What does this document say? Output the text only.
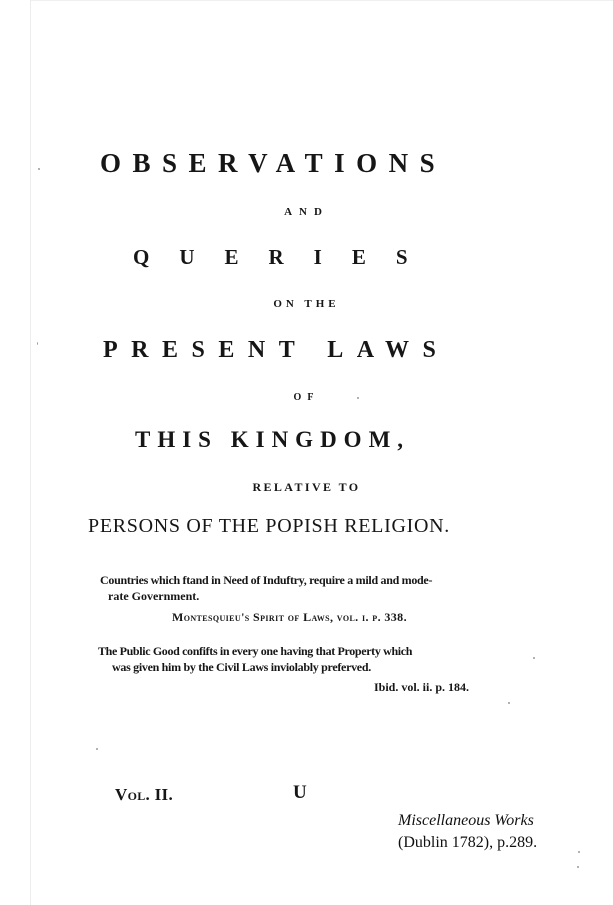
OBSERVATIONS
AND
QUERIES
ON THE
PRESENT LAWS
OF
THIS KINGDOM,
RELATIVE TO
PERSONS OF THE POPISH RELIGION.
Countries which ftand in Need of Induftry, require a mild and mode-
rate Government.
Montesquieu's Spirit of Laws, vol. i. p. 338.
The Public Good confifts in every one having that Property which
was given him by the Civil Laws inviolably preferved.
Ibid. vol. ii. p. 184.
Vol. II.	U
Miscellaneous Works
(Dublin 1782), p.289.
